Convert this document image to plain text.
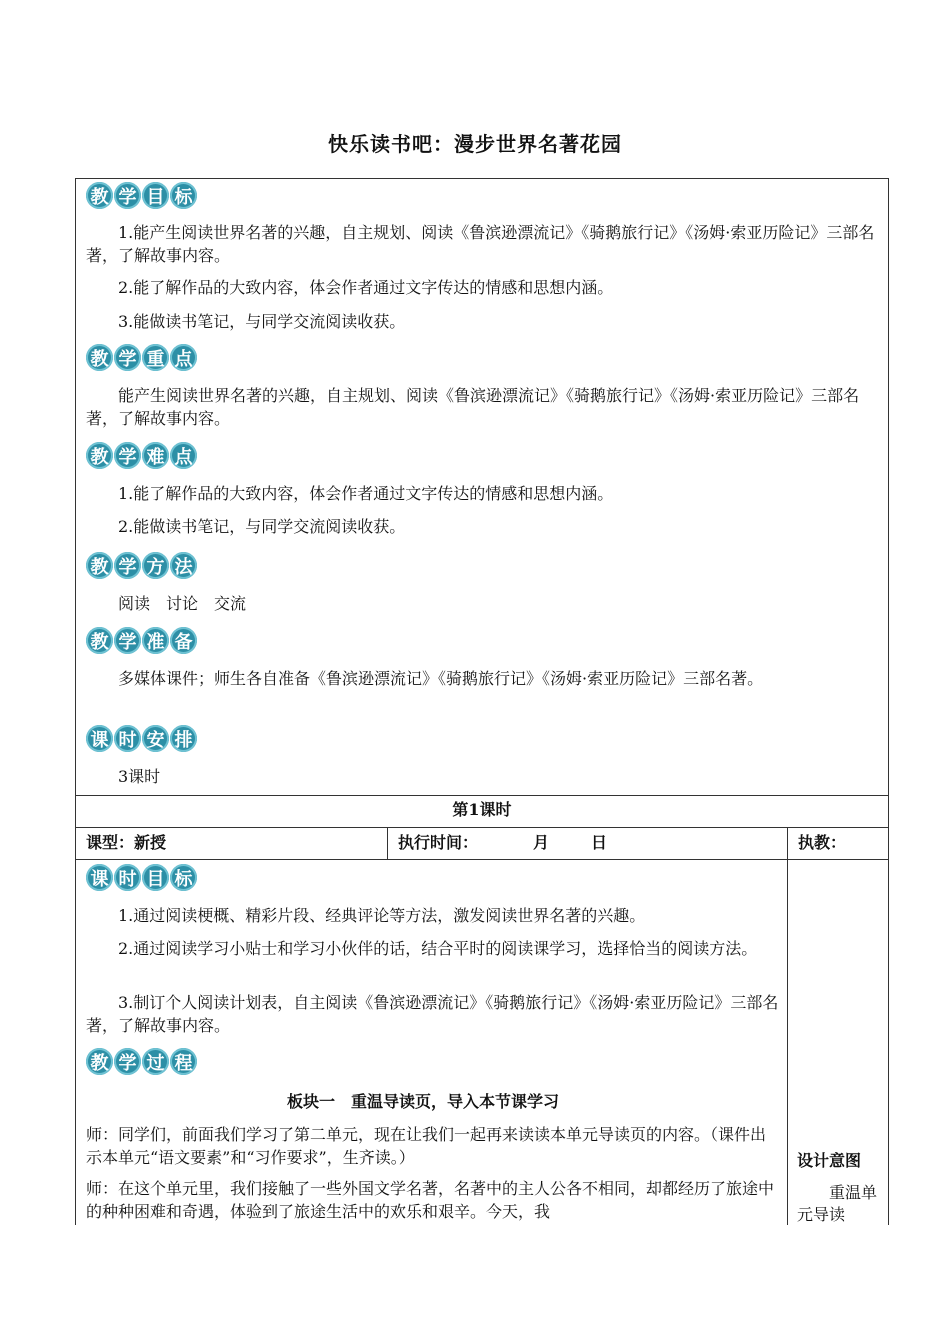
快乐读书吧：漫步世界名著花园
教 学 目 标
1.能产生阅读世界名著的兴趣，自主规划、阅读《鲁滨逊漂流记》《骑鹅旅行记》《汤姆·索亚历险记》三部名著，了解故事内容。
2.能了解作品的大致内容，体会作者通过文字传达的情感和思想内涵。
3.能做读书笔记，与同学交流阅读收获。
教 学 重 点
能产生阅读世界名著的兴趣，自主规划、阅读《鲁滨逊漂流记》《骑鹅旅行记》《汤姆·索亚历险记》三部名著，了解故事内容。
教 学 难 点
1.能了解作品的大致内容，体会作者通过文字传达的情感和思想内涵。
2.能做读书笔记，与同学交流阅读收获。
教 学 方 法
阅读　讨论　交流
教 学 准 备
多媒体课件；师生各自准备《鲁滨逊漂流记》《骑鹅旅行记》《汤姆·索亚历险记》三部名著。
课 时 安 排
3课时
第1课时
课型：新授	执行时间：	月	日	执教：
课 时 目 标
1.通过阅读梗概、精彩片段、经典评论等方法，激发阅读世界名著的兴趣。
2.通过阅读学习小贴士和学习小伙伴的话，结合平时的阅读课学习，选择恰当的阅读方法。
3.制订个人阅读计划表，自主阅读《鲁滨逊漂流记》《骑鹅旅行记》《汤姆·索亚历险记》三部名著，了解故事内容。
教 学 过 程
板块一　重温导读页，导入本节课学习
师：同学们，前面我们学习了第二单元，现在让我们一起再来读读本单元导读页的内容。（课件出示本单元“语文要素”和“习作要求”，生齐读。）
师：在这个单元里，我们接触了一些外国文学名著，名著中的主人公各不相同，却都经历了旅途中的种种困难和奇遇，体验到了旅途生活中的欢乐和艰辛。今天，我
设计意图
重温单元导读
